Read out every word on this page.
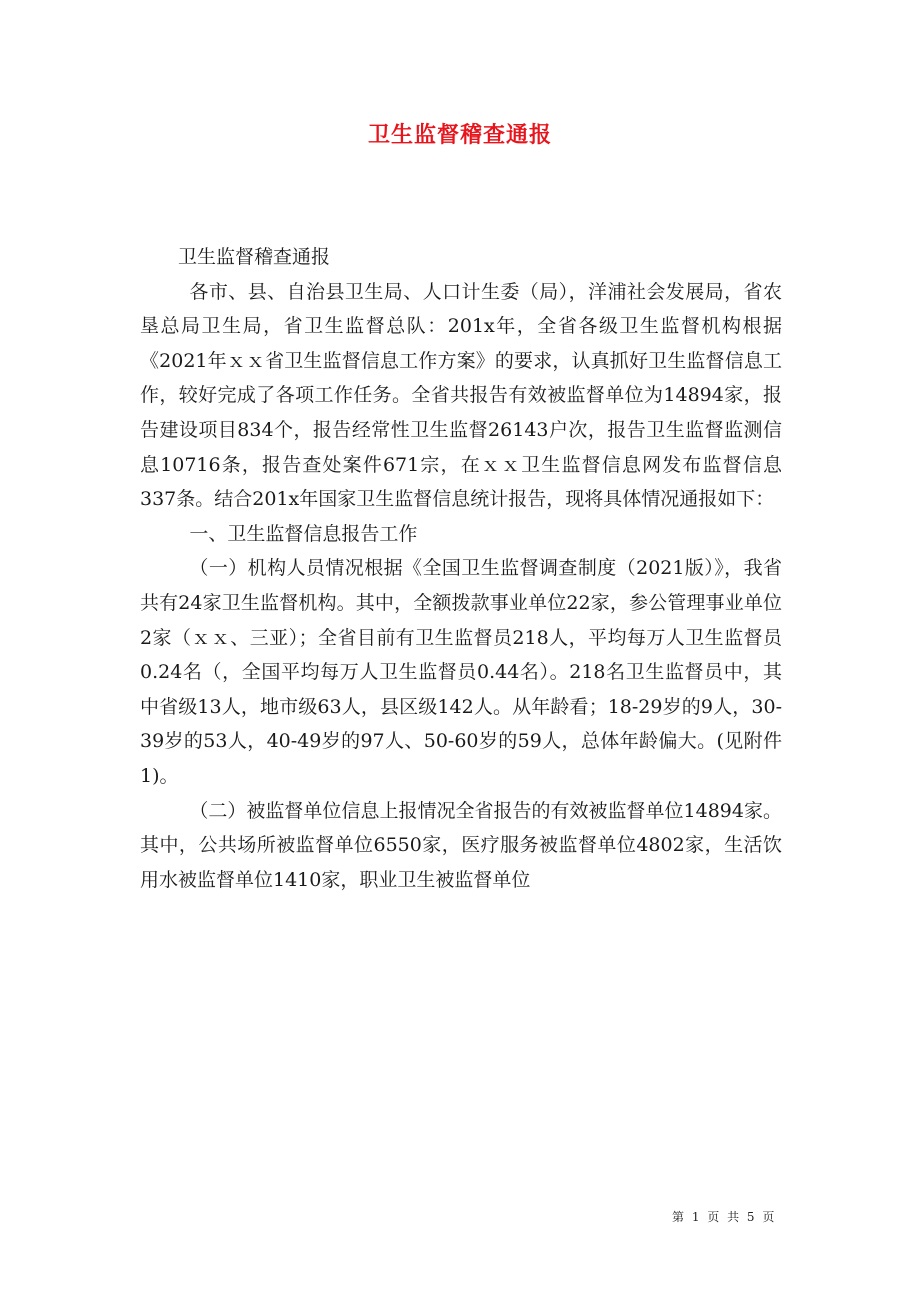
卫生监督稽查通报

卫生监督稽查通报

各市、县、自治县卫生局、人口计生委（局），洋浦社会发展局，省农垦总局卫生局，省卫生监督总队：201x年，全省各级卫生监督机构根据《2021年ｘｘ省卫生监督信息工作方案》的要求，认真抓好卫生监督信息工作，较好完成了各项工作任务。全省共报告有效被监督单位为14894家，报告建设项目834个，报告经常性卫生监督26143户次，报告卫生监督监测信息10716条，报告查处案件671宗，在ｘｘ卫生监督信息网发布监督信息337条。结合201x年国家卫生监督信息统计报告，现将具体情况通报如下：

一、卫生监督信息报告工作

（一）机构人员情况根据《全国卫生监督调查制度（2021版）》，我省共有24家卫生监督机构。其中，全额拨款事业单位22家，参公管理事业单位2家（ｘｘ、三亚）；全省目前有卫生监督员218人，平均每万人卫生监督员0.24名（，全国平均每万人卫生监督员0.44名）。218名卫生监督员中，其中省级13人，地市级63人，县区级142人。从年龄看；18-29岁的9人，30-39岁的53人，40-49岁的97人、50-60岁的59人，总体年龄偏大。(见附件1)。

（二）被监督单位信息上报情况全省报告的有效被监督单位14894家。其中，公共场所被监督单位6550家，医疗服务被监督单位4802家，生活饮用水被监督单位1410家，职业卫生被监督单位

第 1 页 共 5 页
